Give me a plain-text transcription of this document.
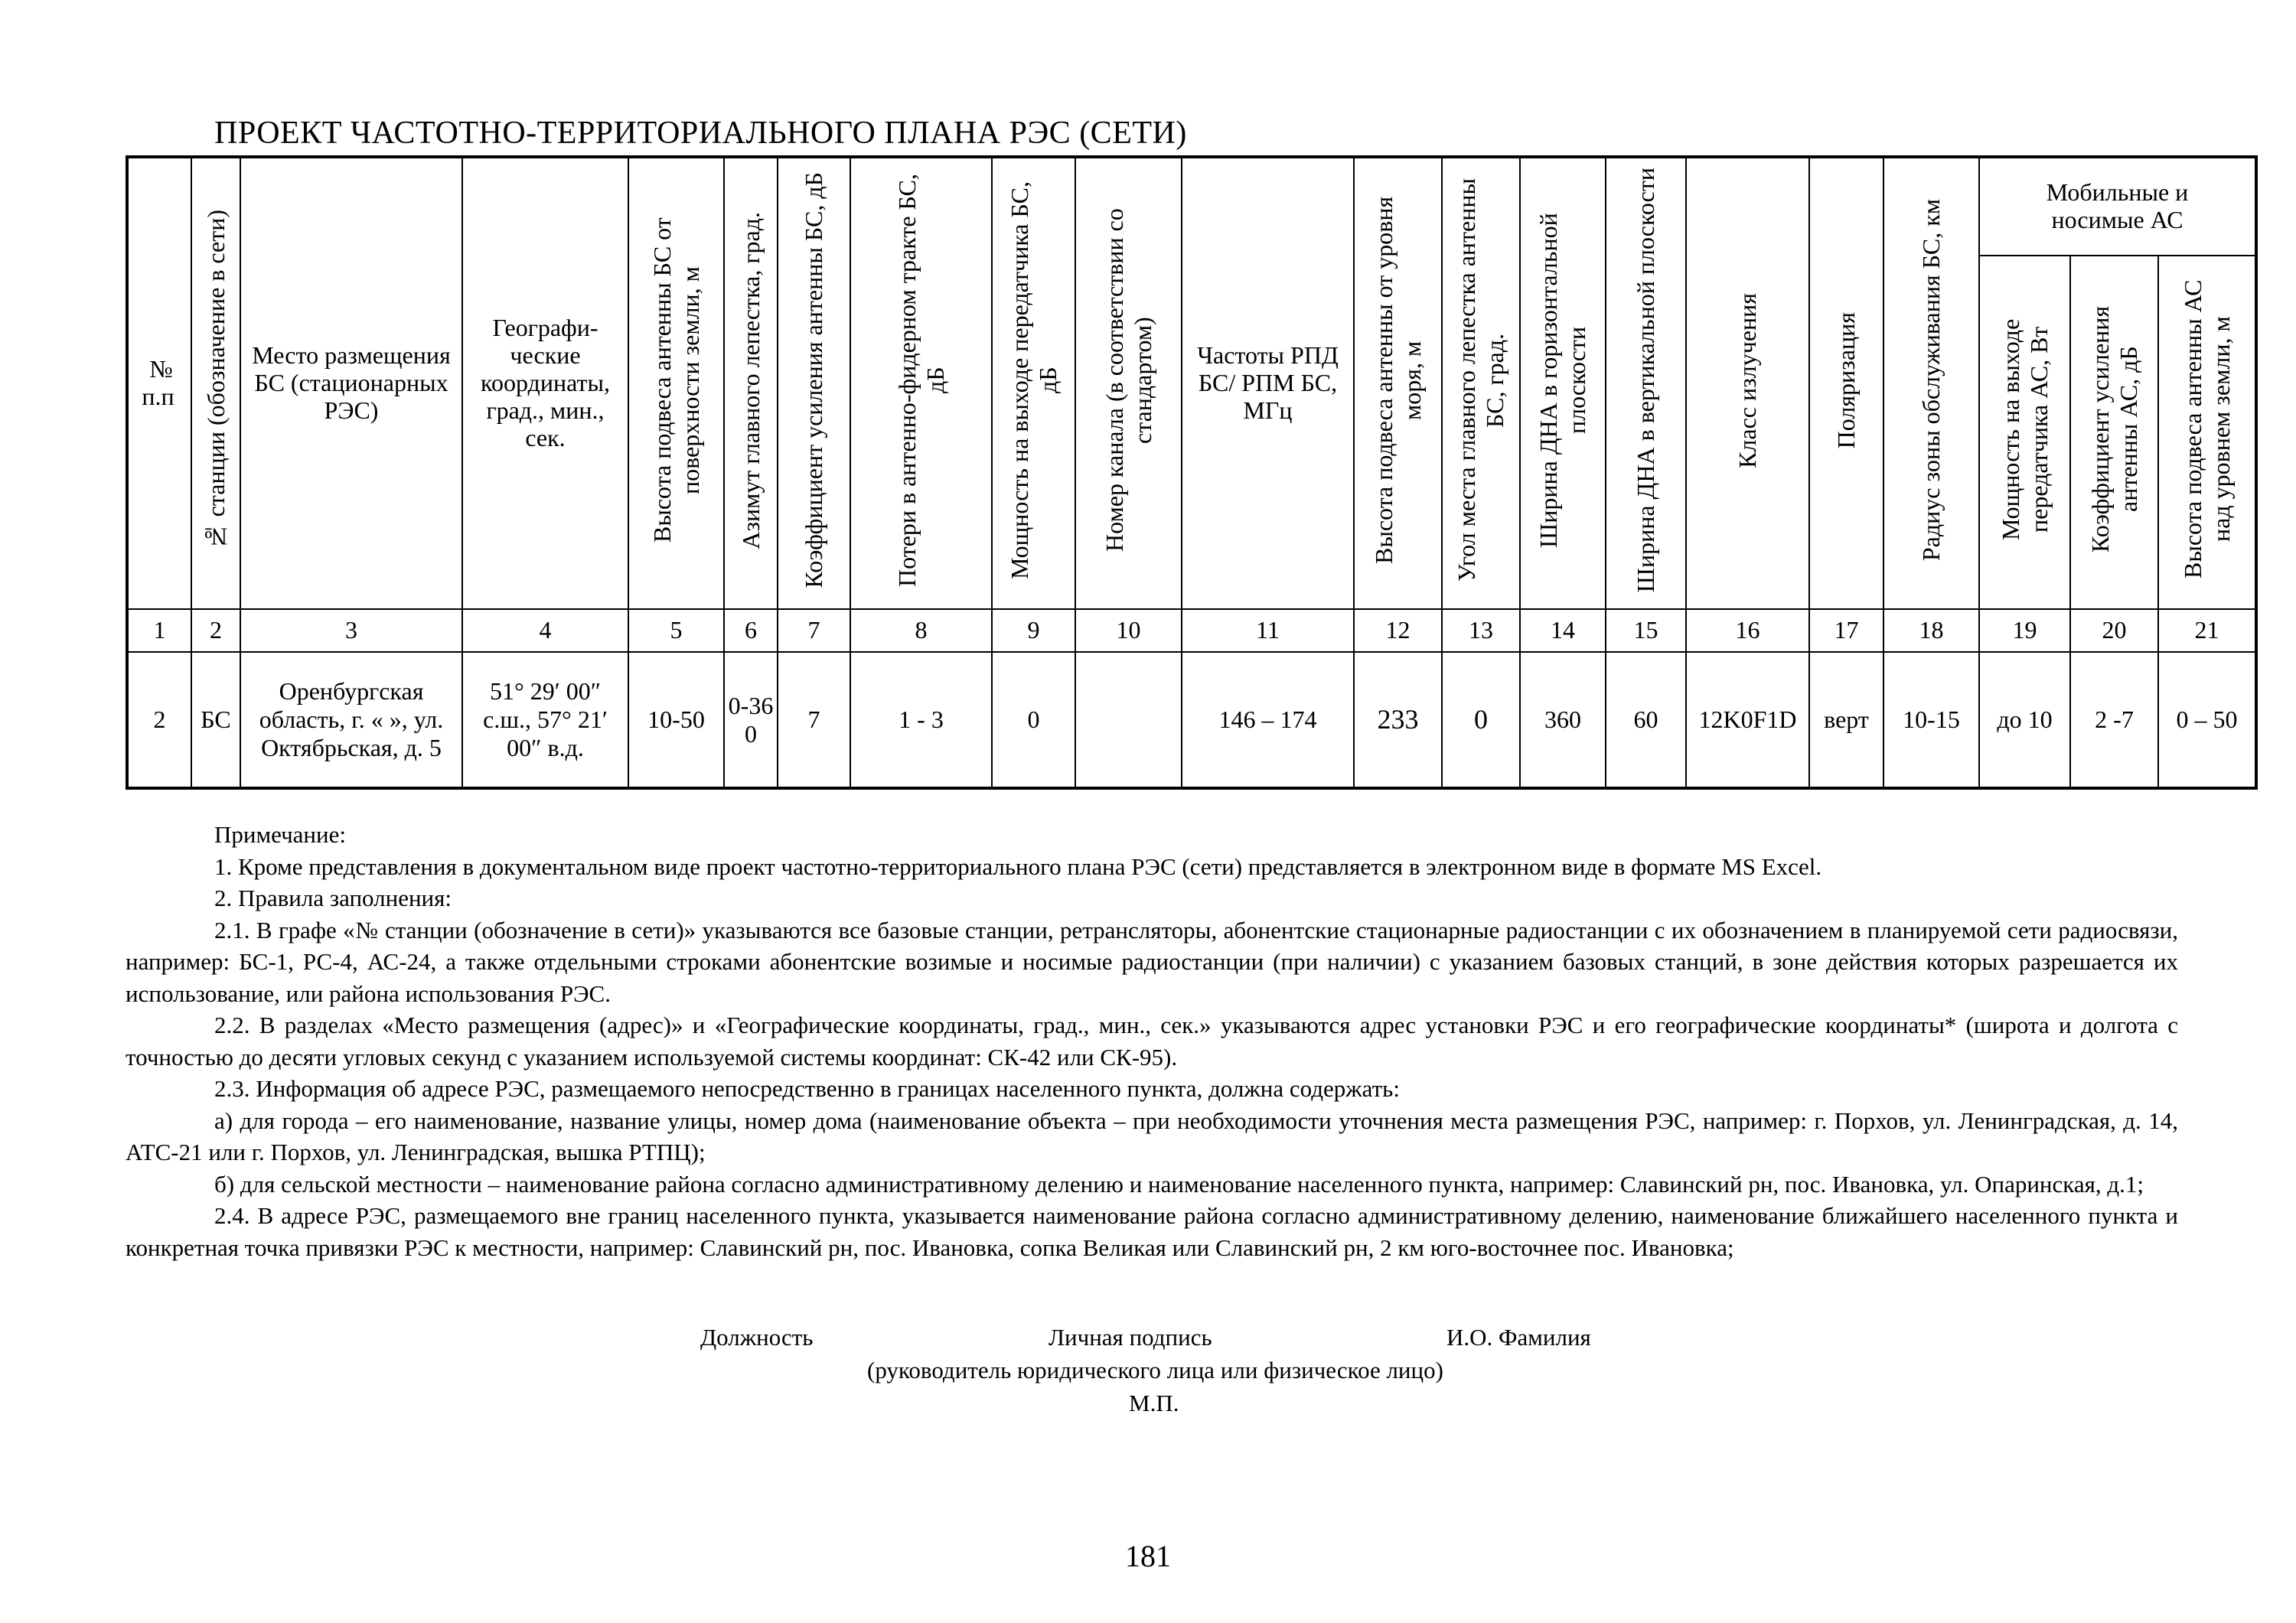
ПРОЕКТ ЧАСТОТНО-ТЕРРИТОРИАЛЬНОГО ПЛАНА РЭС (СЕТИ)
№ п.п	№ станции (обозначение в сети)	Место размещения БС (стационарных РЭС)	Географи-ческие координаты, град., мин., сек.	Высота подвеса антенны БС от поверхности земли, м	Азимут главного лепестка, град.	Коэффициент усиления антенны БС, дБ	Потери в антенно-фидерном тракте БС, дБ	Мощность на выходе передатчика БС, дБ	Номер канала (в соответствии со стандартом)	Частоты РПД БС/ РПМ БС, МГц	Высота подвеса антенны от уровня моря, м	Угол места главного лепестка антенны БС, град.	Ширина ДНА в горизонтальной плоскости	Ширина ДНА в вертикальной плоскости	Класс излучения	Поляризация	Радиус зоны обслуживания БС, км	Мобильные и носимые АС		

																		Мощность на выходе передатчика АС, Вт	Коэффициент усиления антенны АС, дБ	Высота подвеса антенны АС над уровнем земли, м
1	2	3	4	5	6	7	8	9	10	11	12	13	14	15	16	17	18	19	20	21
2	БС	Оренбургская область, г. « », ул. Октябрьская, д. 5	51° 29′ 00″ с.ш., 57° 21′ 00″ в.д.	10-50	0-360	7	1 - 3	0		146 – 174	233	0	360	60	12K0F1D	верт	10-15	до 10	2 -7	0 – 50

Примечание:

1. Кроме представления в документальном виде проект частотно-территориального плана РЭС (сети) представляется в электронном виде в формате MS Excel.

2. Правила заполнения:

2.1. В графе «№ станции (обозначение в сети)» указываются все базовые станции, ретрансляторы, абонентские стационарные радиостанции с их обозначением в планируемой сети радиосвязи, например: БС-1, РС-4, АС-24, а также отдельными строками абонентские возимые и носимые радиостанции (при наличии) с указанием базовых станций, в зоне действия которых разрешается их использование, или района использования РЭС.

2.2. В разделах «Место размещения (адрес)» и «Географические координаты, град., мин., сек.» указываются адрес установки РЭС и его географические координаты* (широта и долгота с точностью до десяти угловых секунд с указанием используемой системы координат: СК-42 или СК-95).

2.3. Информация об адресе РЭС, размещаемого непосредственно в границах населенного пункта, должна содержать:

а) для города – его наименование, название улицы, номер дома (наименование объекта – при необходимости уточнения места размещения РЭС, например: г. Порхов, ул. Ленинградская, д. 14, АТС-21 или г. Порхов, ул. Ленинградская, вышка РТПЦ);

б) для сельской местности – наименование района согласно административному делению и наименование населенного пункта, например: Славинский рн, пос. Ивановка, ул. Опаринская, д.1;

2.4. В адресе РЭС, размещаемого вне границ населенного пункта, указывается наименование района согласно административному делению, наименование ближайшего населенного пункта и конкретная точка привязки РЭС к местности, например: Славинский рн, пос. Ивановка, сопка Великая или Славинский рн, 2 км юго-восточнее пос. Ивановка;

Должность	Личная подпись	И.О. Фамилия
(руководитель юридического лица или физическое лицо)
М.П.
181
